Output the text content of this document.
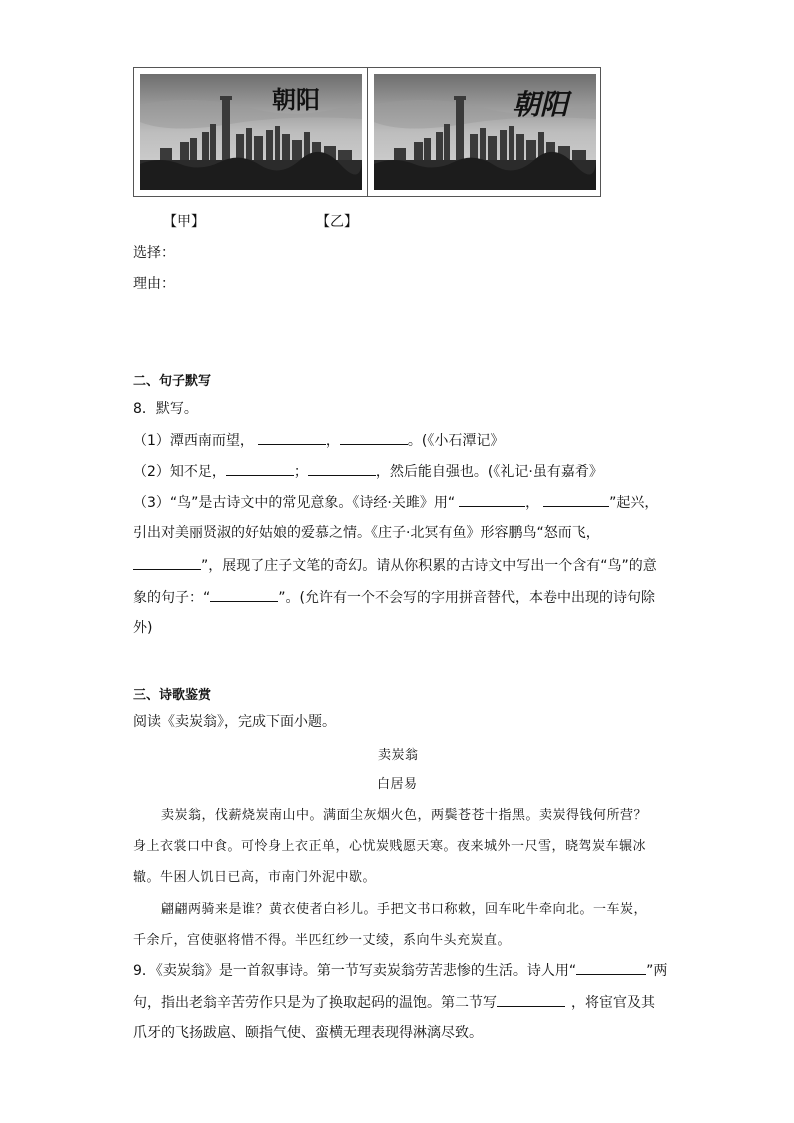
朝阳	朝阳
【甲】	【乙】
选择：
理由：
二、句子默写
8．默写。
（1）潭西南而望，	，	。(《小石潭记》
（2）知不足，	；	，然后能自强也。(《礼记·虽有嘉肴》
（3）“鸟”是古诗文中的常见意象。《诗经·关雎》用“	，	”起兴，
引出对美丽贤淑的好姑娘的爱慕之情。《庄子·北冥有鱼》形容鹏鸟“怒而飞，
”，展现了庄子文笔的奇幻。请从你积累的古诗文中写出一个含有“鸟”的意
象的句子：“	”。(允许有一个不会写的字用拼音替代，本卷中出现的诗句除
外)
三、诗歌鉴赏
阅读《卖炭翁》，完成下面小题。
卖炭翁
白居易
卖炭翁，伐薪烧炭南山中。满面尘灰烟火色，两鬓苍苍十指黑。卖炭得钱何所营？
身上衣裳口中食。可怜身上衣正单，心忧炭贱愿天寒。夜来城外一尺雪，晓驾炭车辗冰
辙。牛困人饥日已高，市南门外泥中歇。
翩翩两骑来是谁？黄衣使者白衫儿。手把文书口称敕，回车叱牛牵向北。一车炭，
千余斤，宫使驱将惜不得。半匹红纱一丈绫，系向牛头充炭直。
9．《卖炭翁》是一首叙事诗。第一节写卖炭翁劳苦悲惨的生活。诗人用“	”两
句，指出老翁辛苦劳作只是为了换取起码的温饱。第二节写	，将宦官及其
爪牙的飞扬跋扈、颐指气使、蛮横无理表现得淋漓尽致。
